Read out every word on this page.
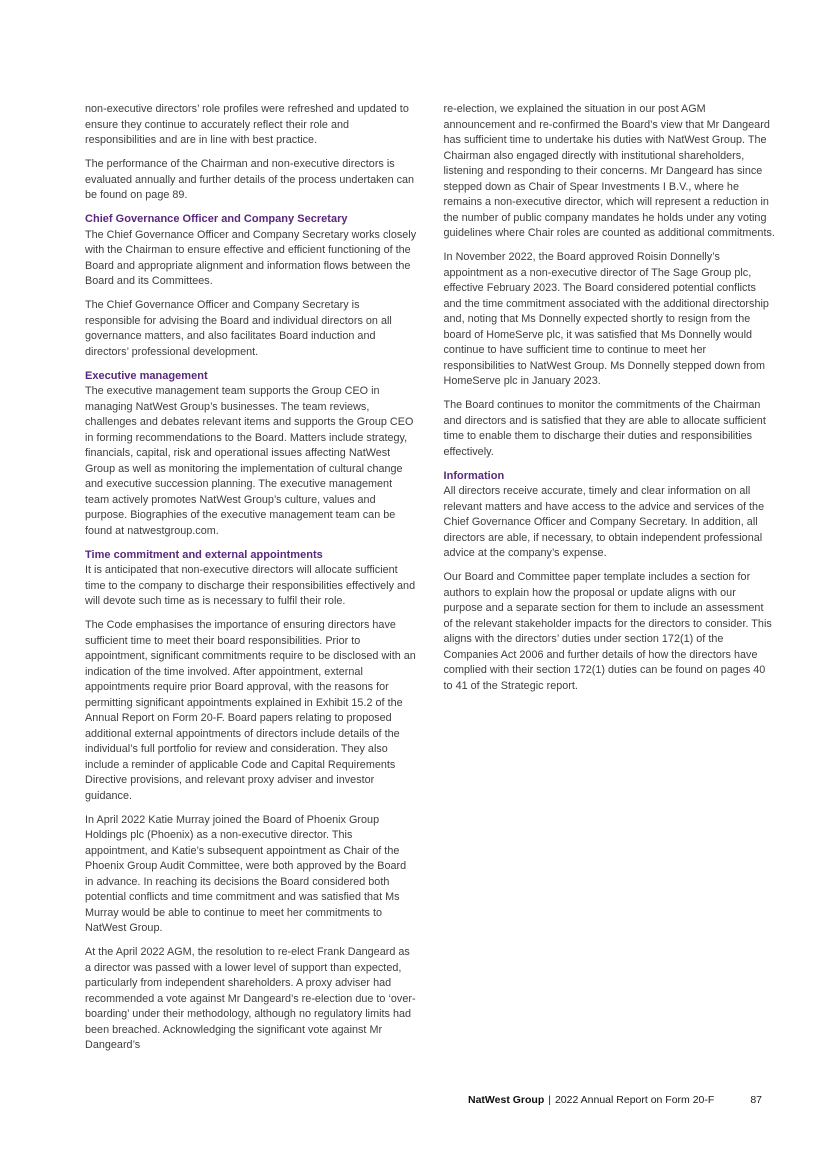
non-executive directors’ role profiles were refreshed and updated to ensure they continue to accurately reflect their role and responsibilities and are in line with best practice.

The performance of the Chairman and non-executive directors is evaluated annually and further details of the process undertaken can be found on page 89.

Chief Governance Officer and Company Secretary

The Chief Governance Officer and Company Secretary works closely with the Chairman to ensure effective and efficient functioning of the Board and appropriate alignment and information flows between the Board and its Committees.

The Chief Governance Officer and Company Secretary is responsible for advising the Board and individual directors on all governance matters, and also facilitates Board induction and directors’ professional development.

Executive management

The executive management team supports the Group CEO in managing NatWest Group’s businesses. The team reviews, challenges and debates relevant items and supports the Group CEO in forming recommendations to the Board. Matters include strategy, financials, capital, risk and operational issues affecting NatWest Group as well as monitoring the implementation of cultural change and executive succession planning. The executive management team actively promotes NatWest Group’s culture, values and purpose. Biographies of the executive management team can be found at natwestgroup.com.

Time commitment and external appointments

It is anticipated that non-executive directors will allocate sufficient time to the company to discharge their responsibilities effectively and will devote such time as is necessary to fulfil their role.

The Code emphasises the importance of ensuring directors have sufficient time to meet their board responsibilities. Prior to appointment, significant commitments require to be disclosed with an indication of the time involved. After appointment, external appointments require prior Board approval, with the reasons for permitting significant appointments explained in Exhibit 15.2 of the Annual Report on Form 20-F. Board papers relating to proposed additional external appointments of directors include details of the individual’s full portfolio for review and consideration. They also include a reminder of applicable Code and Capital Requirements Directive provisions, and relevant proxy adviser and investor guidance.

In April 2022 Katie Murray joined the Board of Phoenix Group Holdings plc (Phoenix) as a non-executive director. This appointment, and Katie’s subsequent appointment as Chair of the Phoenix Group Audit Committee, were both approved by the Board in advance. In reaching its decisions the Board considered both potential conflicts and time commitment and was satisfied that Ms Murray would be able to continue to meet her commitments to NatWest Group.

At the April 2022 AGM, the resolution to re-elect Frank Dangeard as a director was passed with a lower level of support than expected, particularly from independent shareholders. A proxy adviser had recommended a vote against Mr Dangeard’s re-election due to ‘over-boarding’ under their methodology, although no regulatory limits had been breached. Acknowledging the significant vote against Mr Dangeard’s

re-election, we explained the situation in our post AGM announcement and re-confirmed the Board’s view that Mr Dangeard has sufficient time to undertake his duties with NatWest Group. The Chairman also engaged directly with institutional shareholders, listening and responding to their concerns. Mr Dangeard has since stepped down as Chair of Spear Investments I B.V., where he remains a non-executive director, which will represent a reduction in the number of public company mandates he holds under any voting guidelines where Chair roles are counted as additional commitments.

In November 2022, the Board approved Roisin Donnelly’s appointment as a non-executive director of The Sage Group plc, effective February 2023. The Board considered potential conflicts and the time commitment associated with the additional directorship and, noting that Ms Donnelly expected shortly to resign from the board of HomeServe plc, it was satisfied that Ms Donnelly would continue to have sufficient time to continue to meet her responsibilities to NatWest Group. Ms Donnelly stepped down from HomeServe plc in January 2023.

The Board continues to monitor the commitments of the Chairman and directors and is satisfied that they are able to allocate sufficient time to enable them to discharge their duties and responsibilities effectively.

Information

All directors receive accurate, timely and clear information on all relevant matters and have access to the advice and services of the Chief Governance Officer and Company Secretary. In addition, all directors are able, if necessary, to obtain independent professional advice at the company’s expense.

Our Board and Committee paper template includes a section for authors to explain how the proposal or update aligns with our purpose and a separate section for them to include an assessment of the relevant stakeholder impacts for the directors to consider. This aligns with the directors’ duties under section 172(1) of the Companies Act 2006 and further details of how the directors have complied with their section 172(1) duties can be found on pages 40 to 41 of the Strategic report.

NatWest Group | 2022 Annual Report on Form 20-F	87
